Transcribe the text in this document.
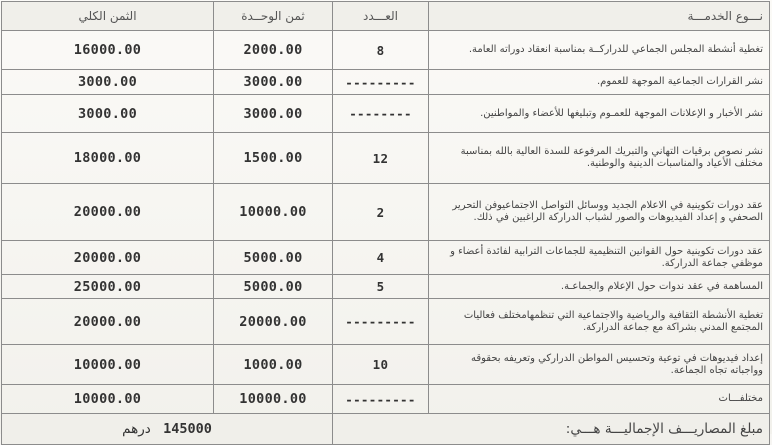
نـــوع الخدمـــة	العـــدد	ثمن الوحــدة	الثمن الكلي
تغطية أنشطة المجلس الجماعي للدراركــة بمناسبة انعقاد دوراته العامة.	8	2000.00	16000.00
نشر القرارات الجماعية الموجهة للعموم.	---------	3000.00	3000.00
نشر الأخبار و الإعلانات الموجهة للعمـوم وتبليغها للأعضاء والمواطنين.	--------	3000.00	3000.00
نشر نصوص برقيات التهاني والتبريك المرفوعة للسدة العالية بالله بمناسبة مختلف الأعياد والمناسبات الدينية والوطنية.	12	1500.00	18000.00
عقد دورات تكوينية في الاعلام الجديد ووسائل التواصل الاجتماعيوفن التحرير الصحفي و إعداد الفيديوهات والصور لشباب الدراركة الراغبين في ذلك.	2	10000.00	20000.00
عقد دورات تكوينية حول القوانين التنظيمية للجماعات الترابية لفائدة أعضاء و موظفي جماعة الدراركة.	4	5000.00	20000.00
المساهمة في عقد ندوات حول الإعلام والجماعـة.	5	5000.00	25000.00
تغطية الأنشطة الثقافية والرياضية والاجتماعية التي تنظمهامختلف فعاليات المجتمع المدني بشراكة مع جماعة الدراركة.	---------	20000.00	20000.00
إعداد فيديوهات في توعية وتحسيس المواطن الدراركي وتعريفه بحقوقه وواجباته تجاه الجماعة.	10	1000.00	10000.00
مختلفـــات	---------	10000.00	10000.00
مبلغ المصاريـــف الإجماليـــة هـــي:		145000 درهم	
